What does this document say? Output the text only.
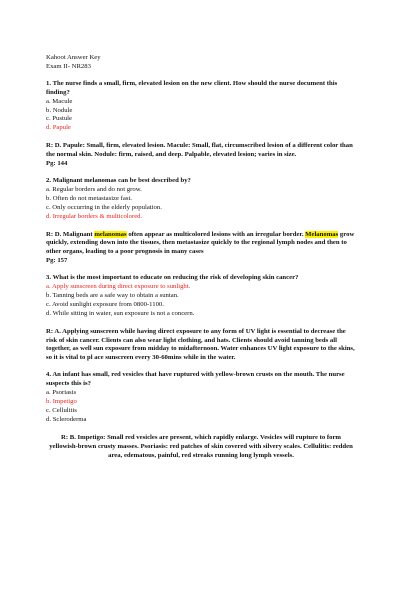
Kahoot Answer Key
Exam II- NR283
1. The nurse finds a small, firm, elevated lesion on the new client. How should the nurse document this finding?
a. Macule
b. Nodule
c. Pustule
d. Papule
R: D. Papule: Small, firm, elevated lesion. Macule: Small, flat, circumscribed lesion of a different color than the normal skin. Nodule: firm, raised, and deep. Palpable, elevated lesion; varies in size.
Pg: 144
2. Malignant melanomas can be best described by?
a. Regular borders and do not grow.
b. Often do not metastasize fast.
c. Only occurring in the elderly population.
d. Irregular borders & multicolored.
R: D. Malignant melanomas often appear as multicolored lesions with an irregular border. Melanomas grow quickly, extending down into the tissues, then metastasize quickly to the regional lymph nodes and then to other organs, leading to a poor prognosis in many cases
Pg: 157
3. What is the most important to educate on reducing the risk of developing skin cancer?
a. Apply sunscreen during direct exposure to sunlight.
b. Tanning beds are a safe way to obtain a suntan.
c. Avoid sunlight exposure from 0800-1100.
d. While sitting in water, sun exposure is not a concern.
R: A. Applying sunscreen while having direct exposure to any form of UV light is essential to decrease the risk of skin cancer. Clients can also wear light clothing, and hats. Clients should avoid tanning beds all together, as well sun exposure from midday to midafternoon. Water enhances UV light exposure to the skins, so it is vital to pl ace sunscreen every 30-60mins while in the water.
4. An infant has small, red vesicles that have ruptured with yellow-brown crusts on the mouth. The nurse suspects this is?
a. Psoriasis
b. Impetigo
c. Cellulitis
d. Scleroderma
R: B. Impetigo: Small red vesicles are present, which rapidly enlarge. Vesicles will rupture to form yellowish-brown crusty masses. Psoriasis: red patches of skin covered with silvery scales. Cellulitis: redden area, edematous, painful, red streaks running long lymph vessels.
